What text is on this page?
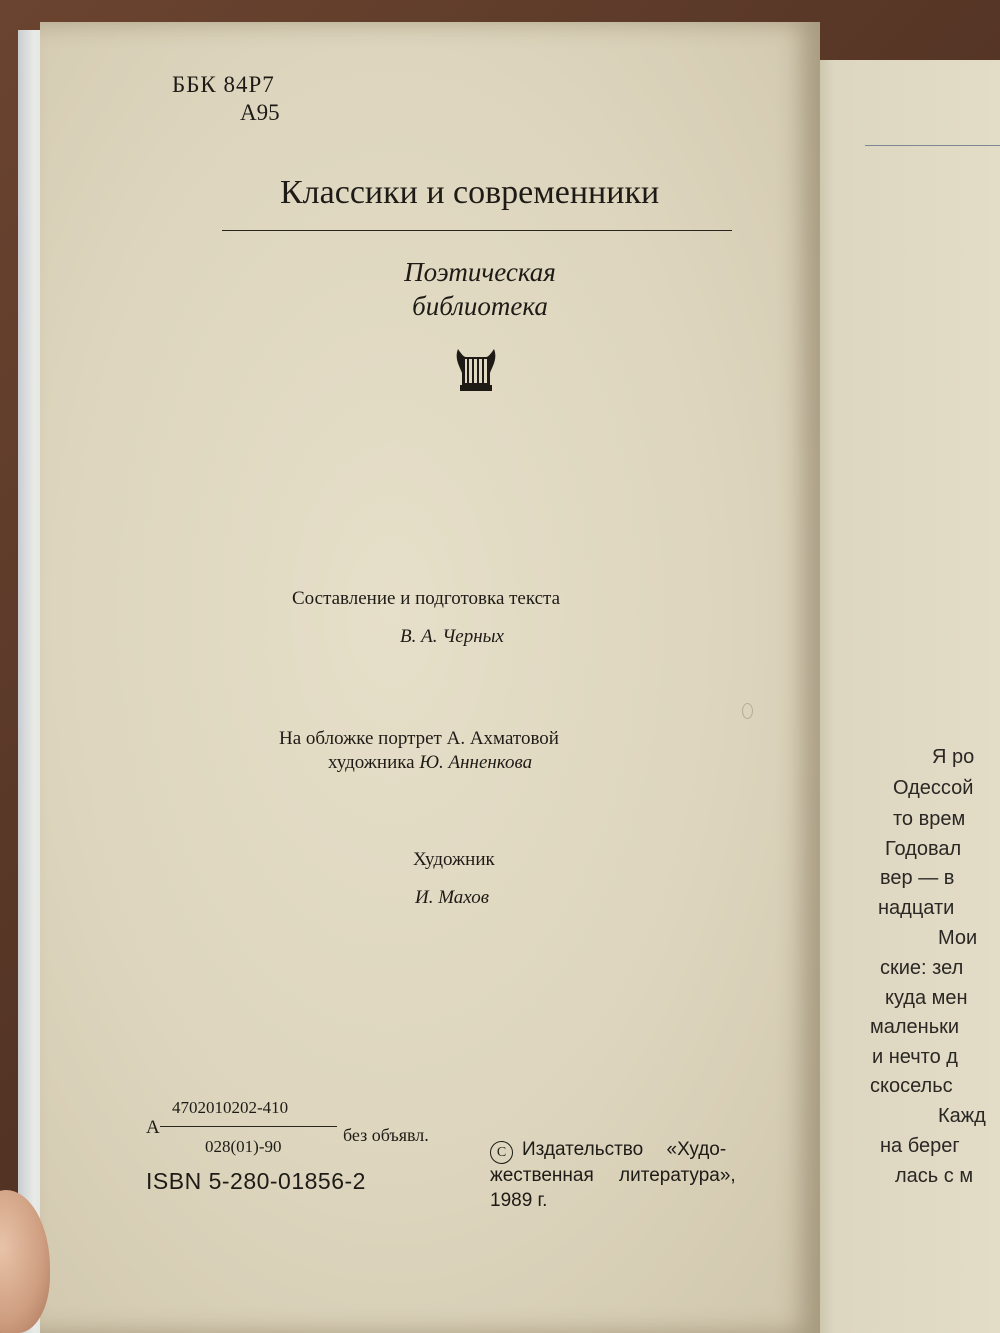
ББК 84Р7
А95
Классики и современники
Поэтическая
библиотека
Составление и подготовка текста
В. А. Черных
На обложке портрет А. Ахматовой
художника Ю. Анненкова
Художник
И. Махов
А
4702010202-410
028(01)-90
без объявл.
ISBN 5-280-01856-2
C Издательство «Худо-
жественная литература»,
1989 г.
Я ро
Одессой
то врем
Годовал
вер — в
надцати
Мои
ские: зел
куда мен
маленьки
и нечто д
скосельс
Кажд
на берег
лась с м
